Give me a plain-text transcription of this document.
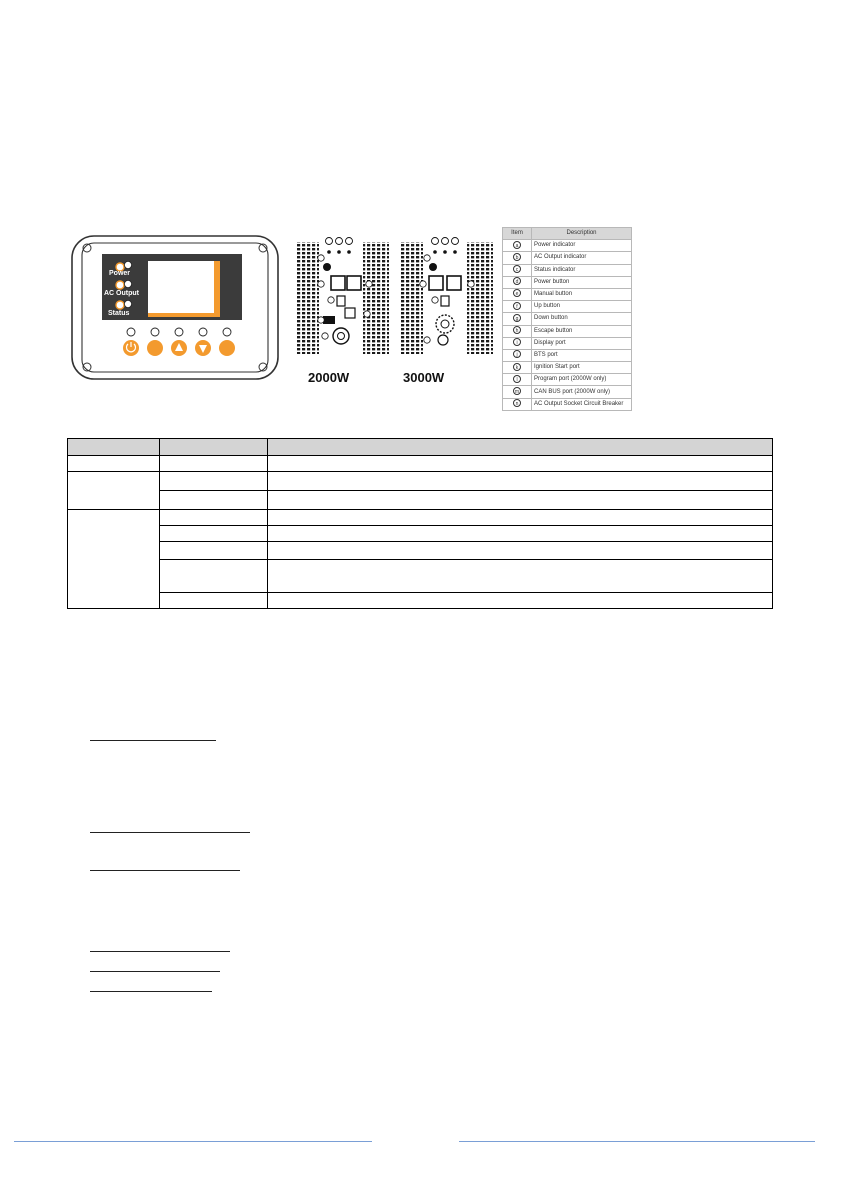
Power
AC Output
Status
2000W	3000W
Item	Description
a	Power indicator
b	AC Output indicator
c	Status indicator
d	Power button
e	Manual button
f	Up button
g	Down button
h	Escape button
i	Display port
j	BTS port
k	Ignition Start port
l	Program port (2000W only)
m	CAN BUS port (2000W only)
n	AC Output Socket Circuit Breaker
